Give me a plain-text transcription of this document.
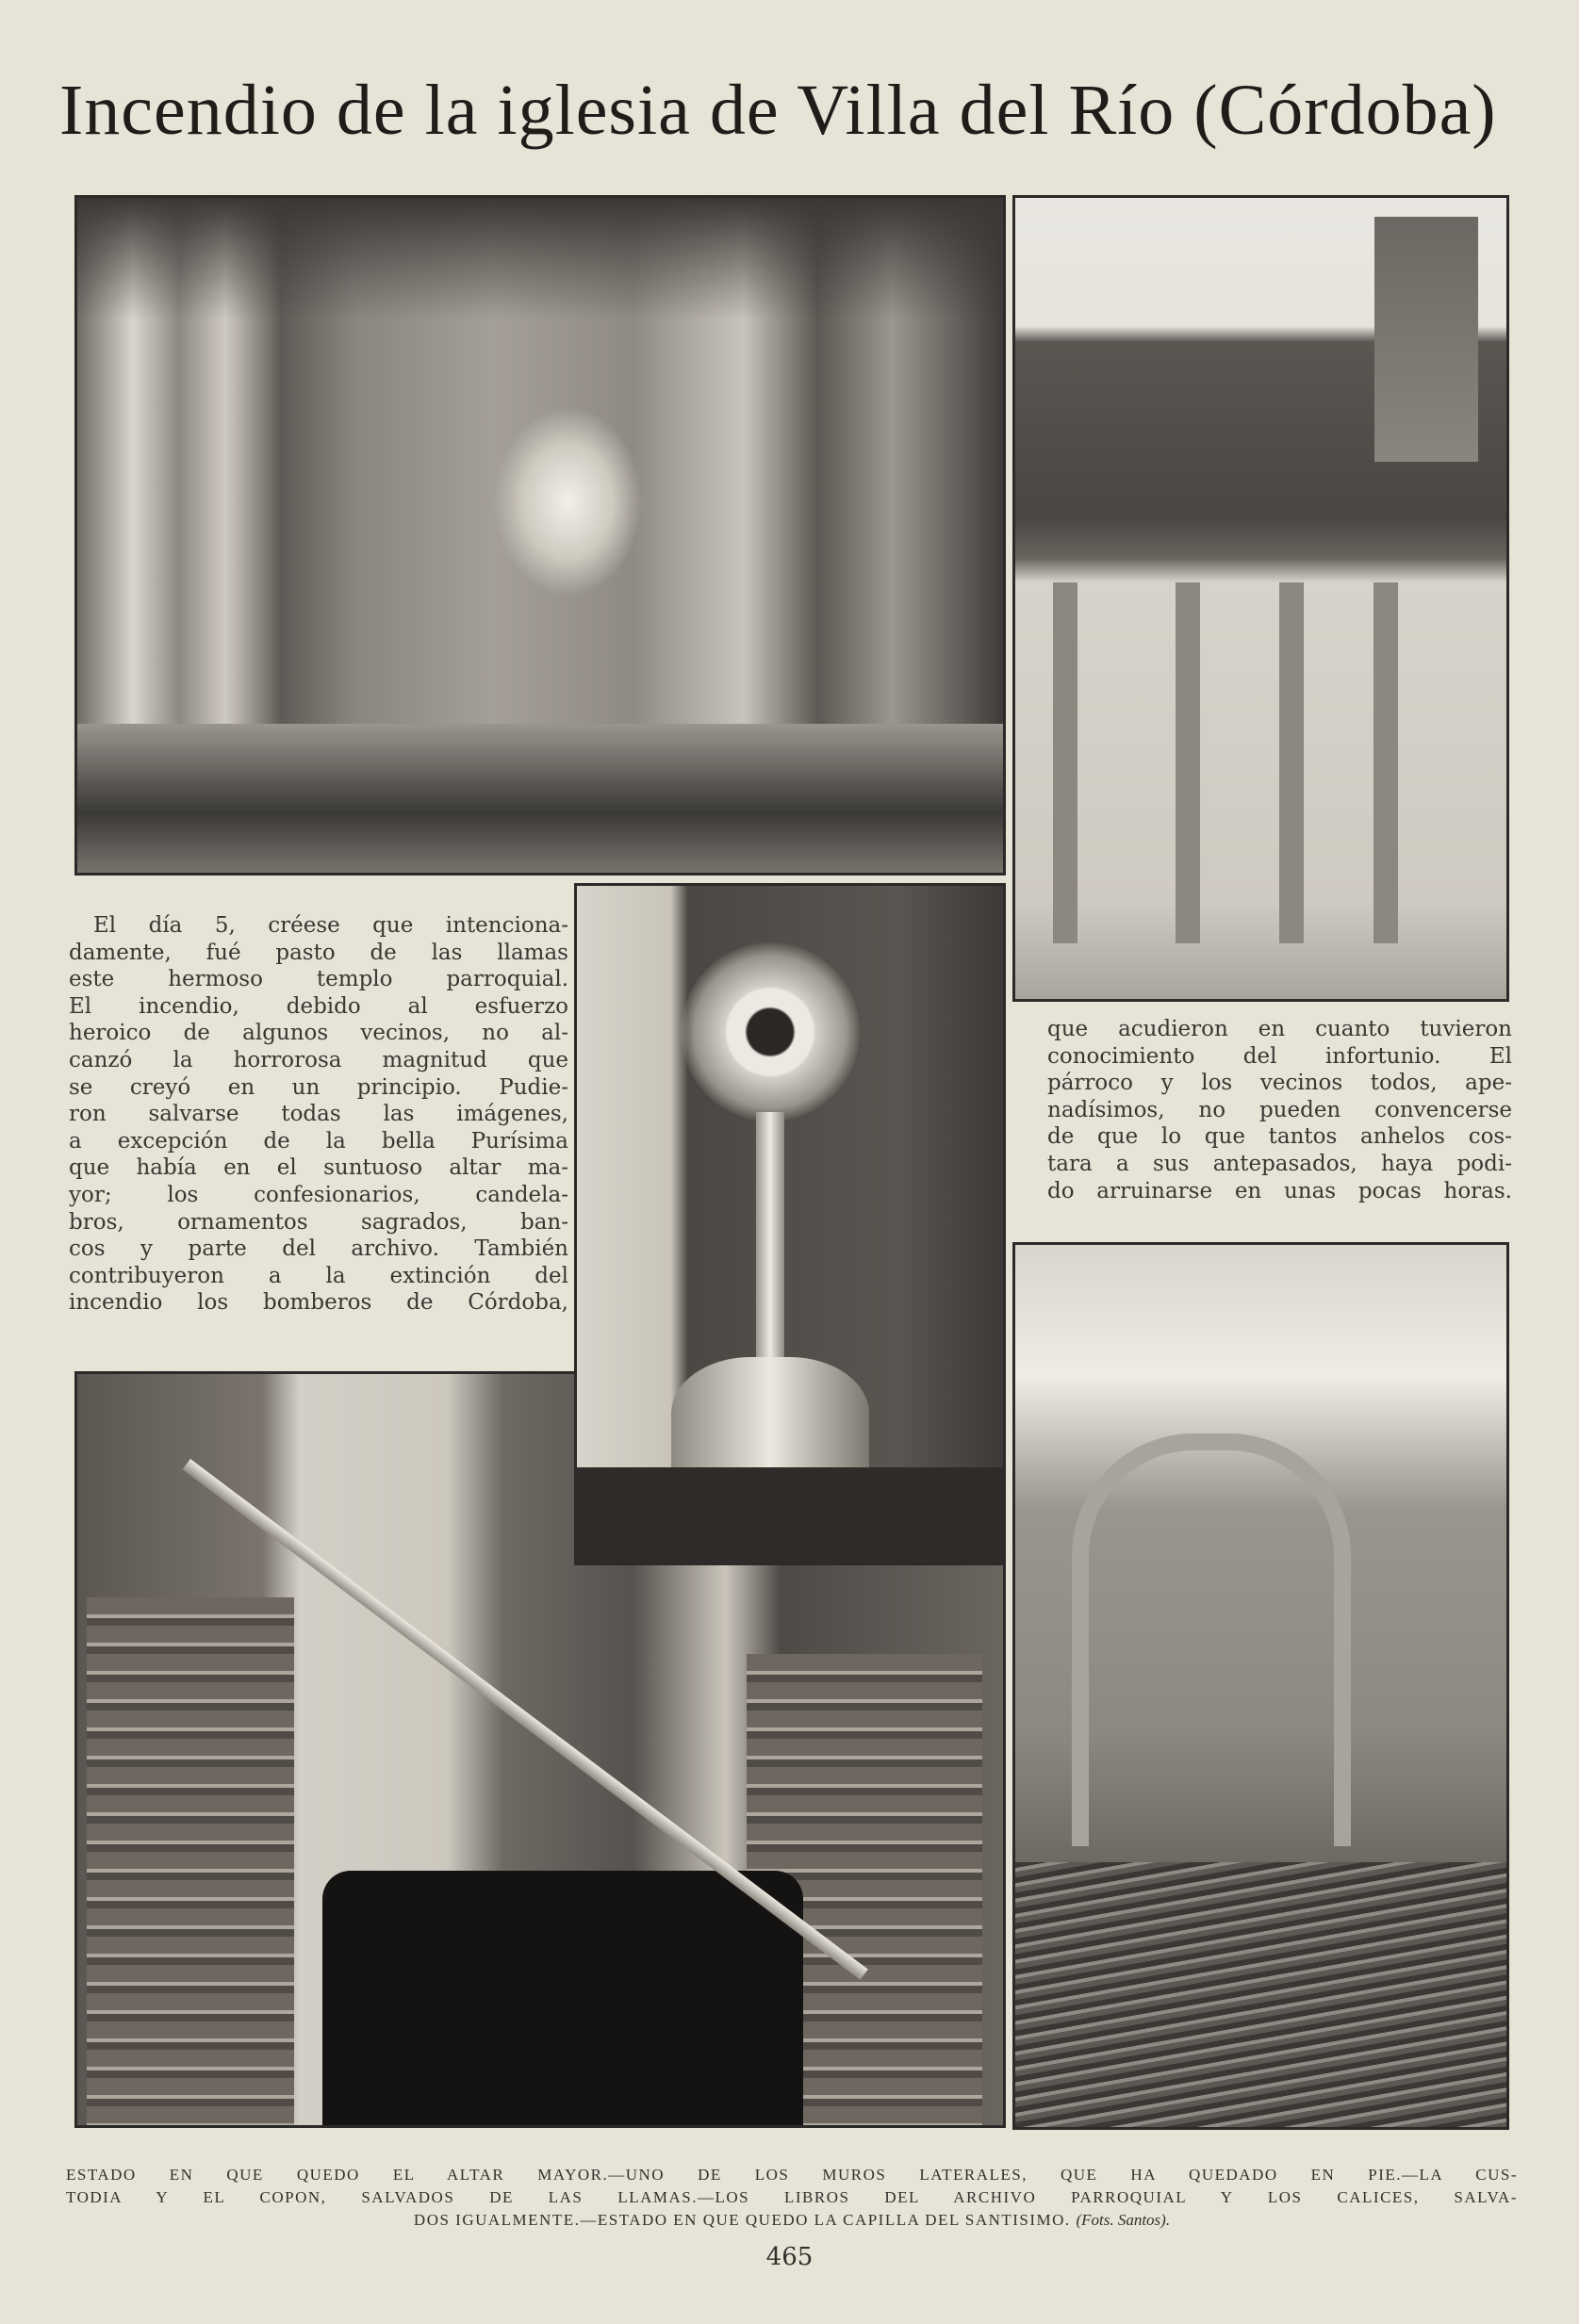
Incendio de la iglesia de Villa del Río (Córdoba)
El día 5, créese que intenciona-
damente, fué pasto de las llamas
este hermoso templo parroquial.
El incendio, debido al esfuerzo
heroico de algunos vecinos, no al-
canzó la horrorosa magnitud que
se creyó en un principio. Pudie-
ron salvarse todas las imágenes,
a excepción de la bella Purísima
que había en el suntuoso altar ma-
yor; los confesionarios, candela-
bros, ornamentos sagrados, ban-
cos y parte del archivo. También
contribuyeron a la extinción del
incendio los bomberos de Córdoba,
que acudieron en cuanto tuvieron
conocimiento del infortunio. El
párroco y los vecinos todos, ape-
nadísimos, no pueden convencerse
de que lo que tantos anhelos cos-
tara a sus antepasados, haya podi-
do arruinarse en unas pocas horas.
ESTADO EN QUE QUEDO EL ALTAR MAYOR.—UNO DE LOS MUROS LATERALES, QUE HA QUEDADO EN PIE.—LA CUS-
TODIA Y EL COPON, SALVADOS DE LAS LLAMAS.—LOS LIBROS DEL ARCHIVO PARROQUIAL Y LOS CALICES, SALVA-
DOS IGUALMENTE.—ESTADO EN QUE QUEDO LA CAPILLA DEL SANTISIMO. (Fots. Santos).
465
